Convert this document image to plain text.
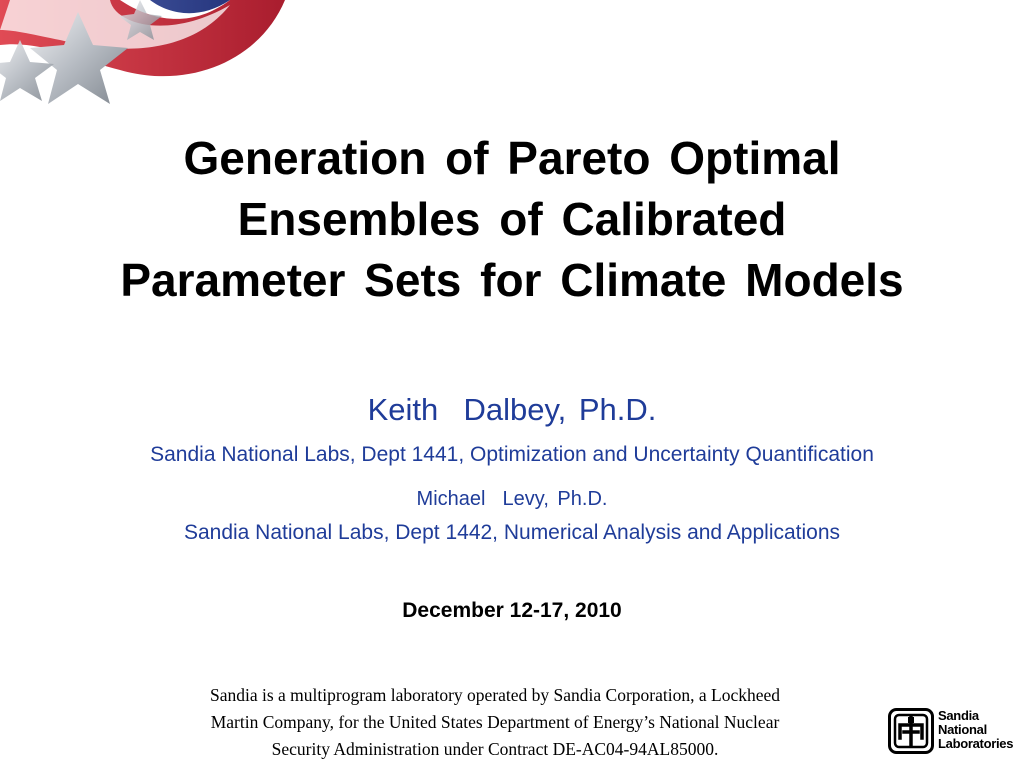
Generation of Pareto Optimal
Ensembles of Calibrated
Parameter Sets for Climate Models
Keith  Dalbey, Ph.D.
Sandia National Labs, Dept 1441, Optimization and Uncertainty Quantification
Michael  Levy, Ph.D.
Sandia National Labs, Dept 1442, Numerical Analysis and Applications
December 12-17, 2010
Sandia is a multiprogram laboratory operated by Sandia Corporation, a Lockheed
Martin Company, for the United States Department of Energy’s National Nuclear
Security Administration under Contract DE-AC04-94AL85000.
Sandia
National
Laboratories
